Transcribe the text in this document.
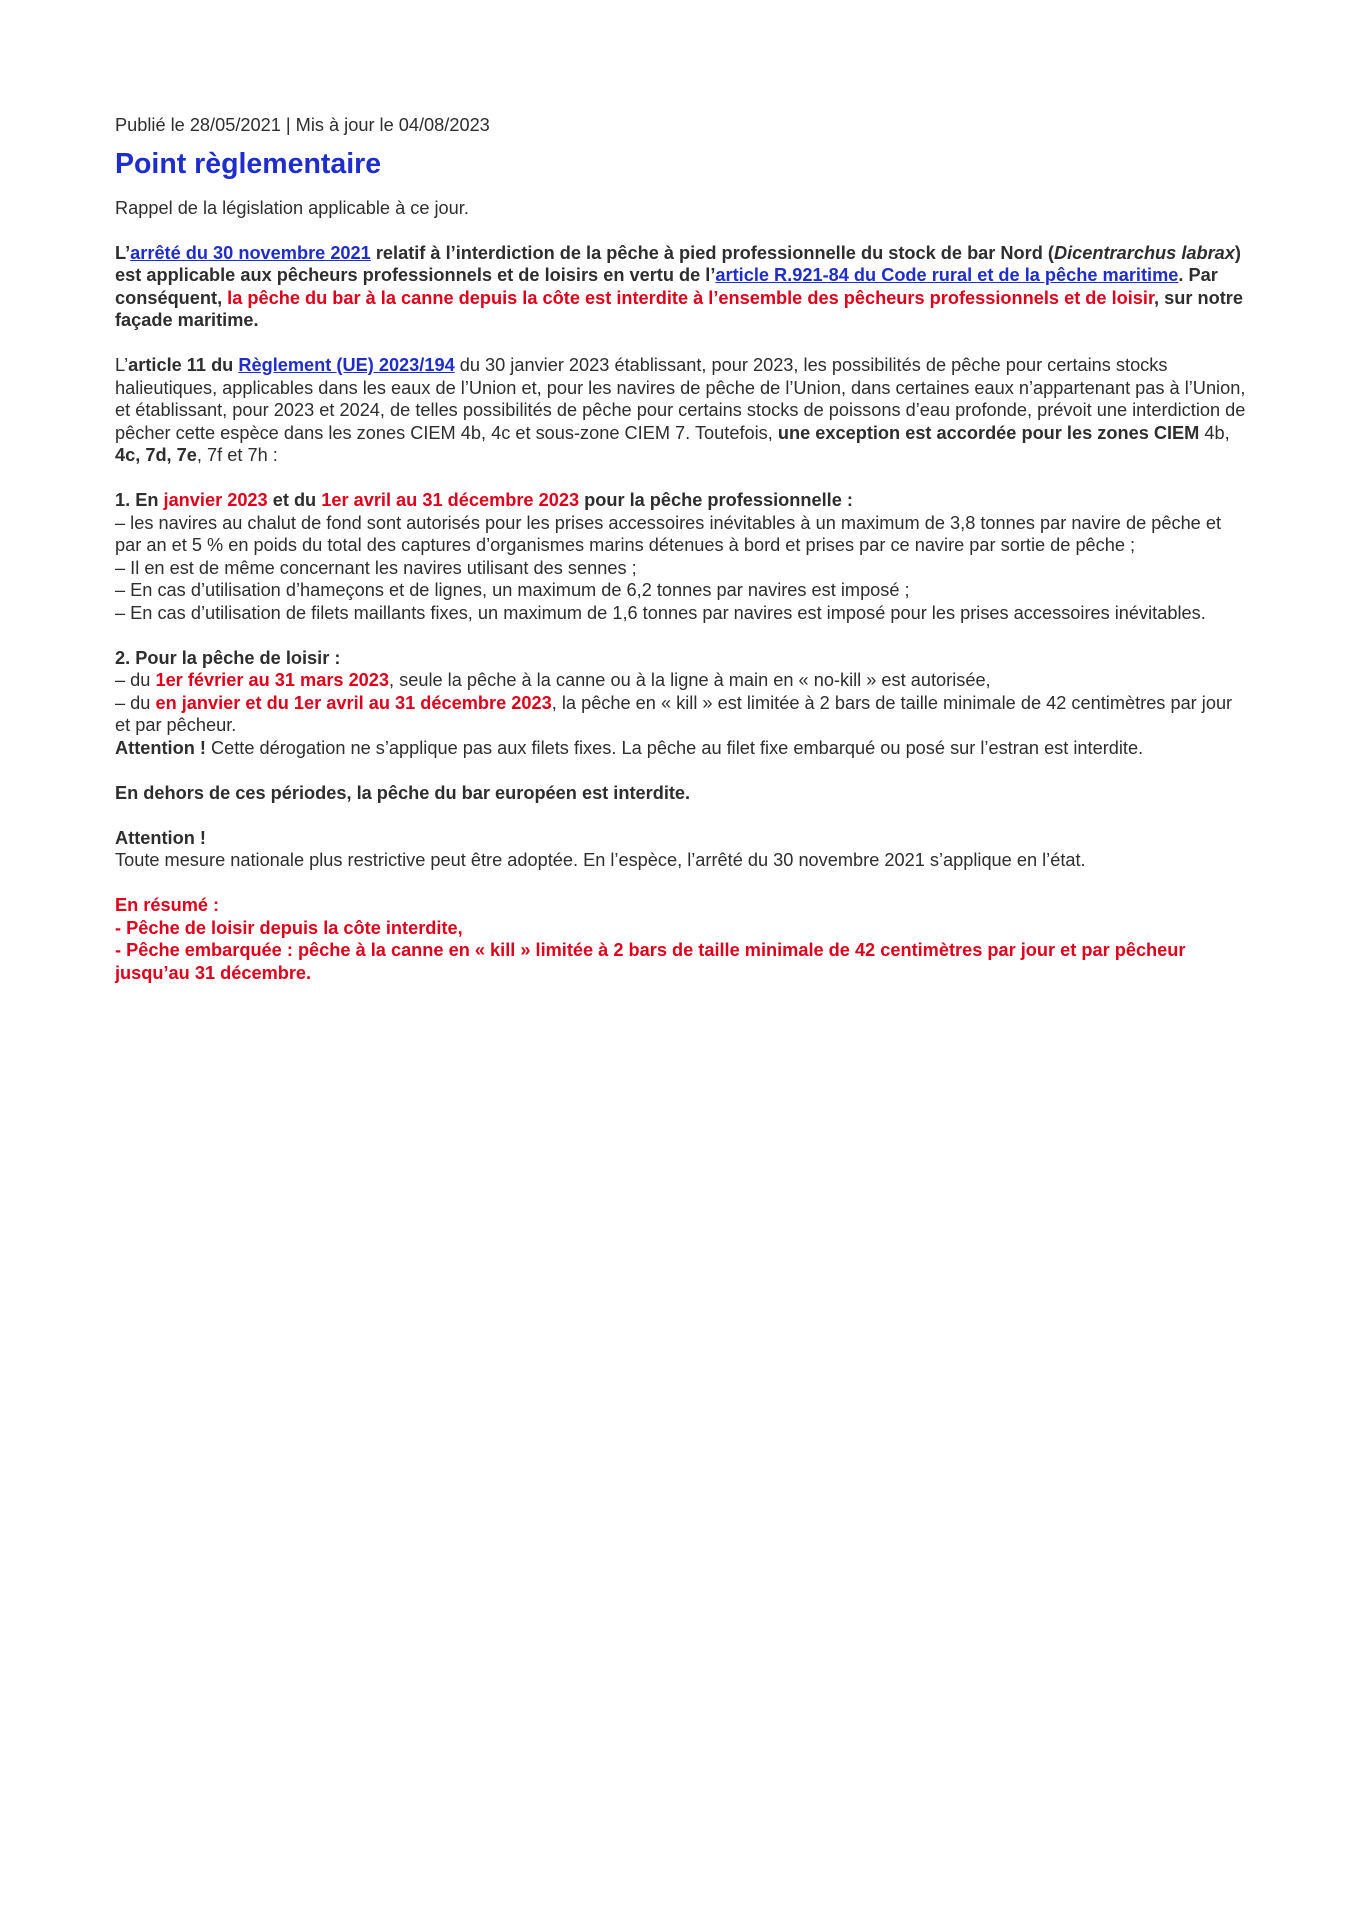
Publié le 28/05/2021 | Mis à jour le 04/08/2023

Point règlementaire

Rappel de la législation applicable à ce jour.

L’arrêté du 30 novembre 2021 relatif à l’interdiction de la pêche à pied professionnelle du stock de bar Nord (Dicentrarchus labrax) est applicable aux pêcheurs professionnels et de loisirs en vertu de l’article R.921-84 du Code rural et de la pêche maritime. Par conséquent, la pêche du bar à la canne depuis la côte est interdite à l’ensemble des pêcheurs professionnels et de loisir, sur notre façade maritime.

L’article 11 du Règlement (UE) 2023/194 du 30 janvier 2023 établissant, pour 2023, les possibilités de pêche pour certains stocks halieutiques, applicables dans les eaux de l’Union et, pour les navires de pêche de l’Union, dans certaines eaux n’appartenant pas à l’Union, et établissant, pour 2023 et 2024, de telles possibilités de pêche pour certains stocks de poissons d’eau profonde, prévoit une interdiction de pêcher cette espèce dans les zones CIEM 4b, 4c et sous-zone CIEM 7. Toutefois, une exception est accordée pour les zones CIEM 4b, 4c, 7d, 7e, 7f et 7h :

1. En janvier 2023 et du 1er avril au 31 décembre 2023 pour la pêche professionnelle :

– les navires au chalut de fond sont autorisés pour les prises accessoires inévitables à un maximum de 3,8 tonnes par navire de pêche et par an et 5 % en poids du total des captures d’organismes marins détenues à bord et prises par ce navire par sortie de pêche ;

– Il en est de même concernant les navires utilisant des sennes ;

– En cas d’utilisation d’hameçons et de lignes, un maximum de 6,2 tonnes par navires est imposé ;

– En cas d’utilisation de filets maillants fixes, un maximum de 1,6 tonnes par navires est imposé pour les prises accessoires inévitables.

2. Pour la pêche de loisir :

– du 1er février au 31 mars 2023, seule la pêche à la canne ou à la ligne à main en « no-kill » est autorisée,

– du en janvier et du 1er avril au 31 décembre 2023, la pêche en « kill » est limitée à 2 bars de taille minimale de 42 centimètres par jour et par pêcheur.

Attention ! Cette dérogation ne s’applique pas aux filets fixes. La pêche au filet fixe embarqué ou posé sur l’estran est interdite.

En dehors de ces périodes, la pêche du bar européen est interdite.

Attention !

Toute mesure nationale plus restrictive peut être adoptée. En l’espèce, l’arrêté du 30 novembre 2021 s’applique en l’état.

En résumé :

- Pêche de loisir depuis la côte interdite,

- Pêche embarquée : pêche à la canne en « kill » limitée à 2 bars de taille minimale de 42 centimètres par jour et par pêcheur jusqu’au 31 décembre.
